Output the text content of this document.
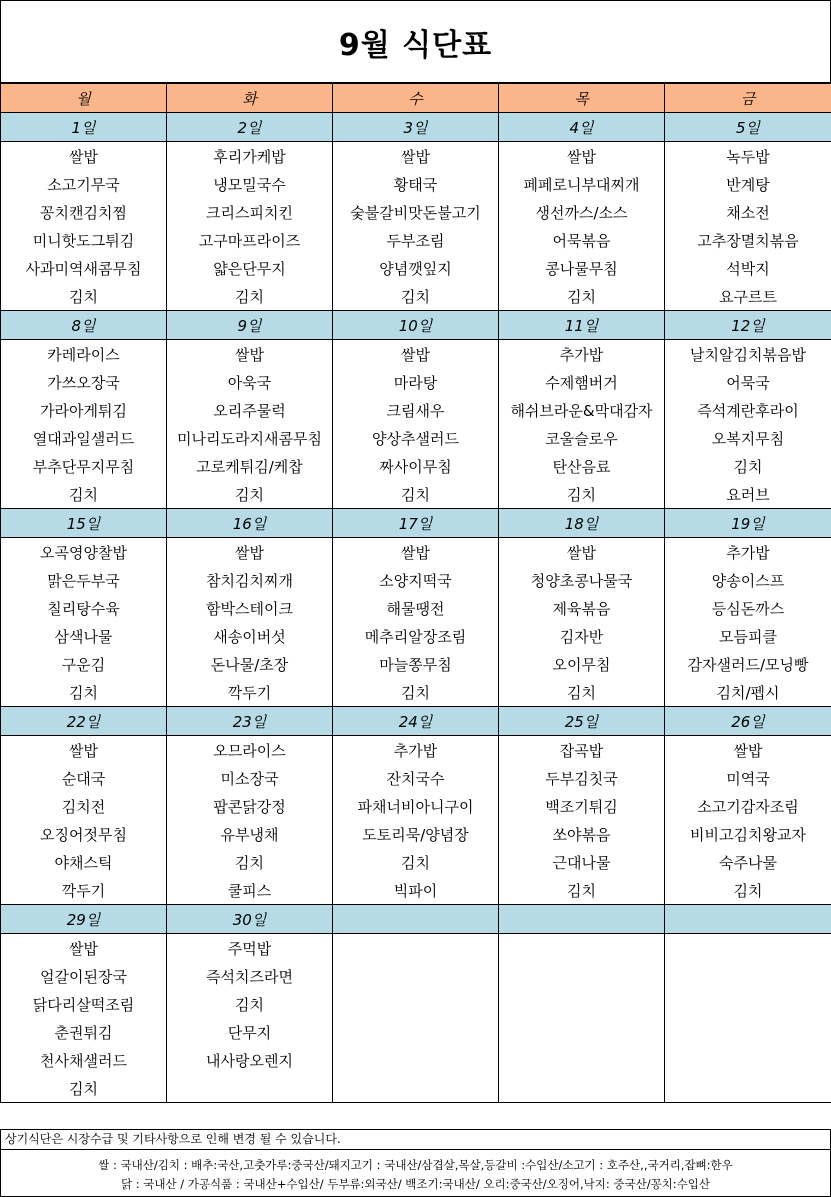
9월 식단표
월	화	수	목	금
1일	2일	3일	4일	5일
쌀밥	후리가케밥	쌀밥	쌀밥	녹두밥
소고기무국	냉모밀국수	황태국	페페로니부대찌개	반계탕
꽁치캔김치찜	크리스피치킨	숯불갈비맛돈불고기	생선까스/소스	채소전
미니핫도그튀김	고구마프라이즈	두부조림	어묵볶음	고추장멸치볶음
사과미역새콤무침	얇은단무지	양념깻잎지	콩나물무침	석박지
김치	김치	김치	김치	요구르트
8일	9일	10일	11일	12일
카레라이스	쌀밥	쌀밥	추가밥	날치알김치볶음밥
가쓰오장국	아욱국	마라탕	수제햄버거	어묵국
가라아게튀김	오리주물럭	크림새우	해쉬브라운&막대감자	즉석계란후라이
열대과일샐러드	미나리도라지새콤무침	양상추샐러드	코울슬로우	오복지무침
부추단무지무침	고로케튀김/케찹	짜사이무침	탄산음료	김치
김치	김치	김치	김치	요러브
15일	16일	17일	18일	19일
오곡영양찰밥	쌀밥	쌀밥	쌀밥	추가밥
맑은두부국	참치김치찌개	소양지떡국	청양초콩나물국	양송이스프
칠리탕수육	함박스테이크	해물땡전	제육볶음	등심돈까스
삼색나물	새송이버섯	메추리알장조림	김자반	모듬피클
구운김	돈나물/초장	마늘쫑무침	오이무침	감자샐러드/모닝빵
김치	깍두기	김치	김치	김치/펩시
22일	23일	24일	25일	26일
쌀밥	오므라이스	추가밥	잡곡밥	쌀밥
순대국	미소장국	잔치국수	두부김칫국	미역국
김치전	팝콘닭강정	파채너비아니구이	백조기튀김	소고기감자조림
오징어젓무침	유부냉채	도토리묵/양념장	쏘야볶음	비비고김치왕교자
야채스틱	김치	김치	근대나물	숙주나물
깍두기	쿨피스	빅파이	김치	김치
29일	30일			
쌀밥	주먹밥			
얼갈이된장국	즉석치즈라면			
닭다리살떡조림	김치			
춘권튀김	단무지			
천사채샐러드	내사랑오렌지			
김치				
상기식단은 시장수급 및 기타사항으로 인해 변경 될 수 있습니다.
쌀 : 국내산/김치 : 배추:국산,고춧가루:중국산/돼지고기 : 국내산/삼겹살,목살,등갈비 :수입산/소고기 : 호주산,,국거리,잡뼈:한우
닭 : 국내산 / 가공식품 : 국내산+수입산/ 두부류:외국산/ 백조기:국내산/ 오리:중국산/오징어,낙지: 중국산/꽁치:수입산
